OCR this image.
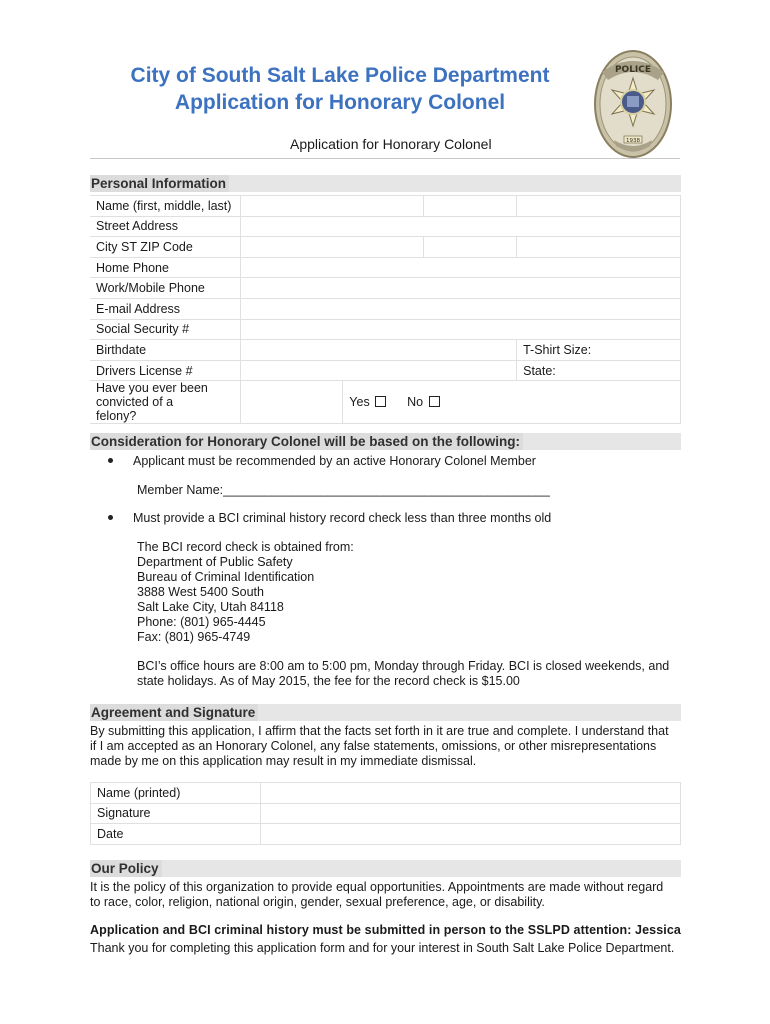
City of South Salt Lake Police Department
Application for Honorary Colonel
POLICE
1938
Application for Honorary Colonel
Personal Information
Name (first, middle, last)				
Street Address				
City ST ZIP Code				
Home Phone				
Work/Mobile Phone				
E-mail Address				
Social Security #				
Birthdate				T-Shirt Size:
Drivers License #				State:

Have you ever been convicted of a
felony?		Yes No		
Consideration for Honorary Colonel will be based on the following:
Applicant must be recommended by an active Honorary Colonel Member
Member Name:_______________________________________________
Must provide a BCI criminal history record check less than three months old
The BCI record check is obtained from:
Department of Public Safety
Bureau of Criminal Identification
3888 West 5400 South
Salt Lake City, Utah 84118
Phone: (801) 965-4445
Fax: (801) 965-4749
BCI’s office hours are 8:00 am to 5:00 pm, Monday through Friday. BCI is closed weekends, and
state holidays. As of May 2015, the fee for the record check is $15.00
Agreement and Signature
By submitting this application, I affirm that the facts set forth in it are true and complete. I understand that
if I am accepted as an Honorary Colonel, any false statements, omissions, or other misrepresentations
made by me on this application may result in my immediate dismissal.
Name (printed)	
Signature	
Date	
Our Policy
It is the policy of this organization to provide equal opportunities. Appointments are made without regard
to race, color, religion, national origin, gender, sexual preference, age, or disability.
Application and BCI criminal history must be submitted in person to the SSLPD attention: Jessica
Thank you for completing this application form and for your interest in South Salt Lake Police Department.
